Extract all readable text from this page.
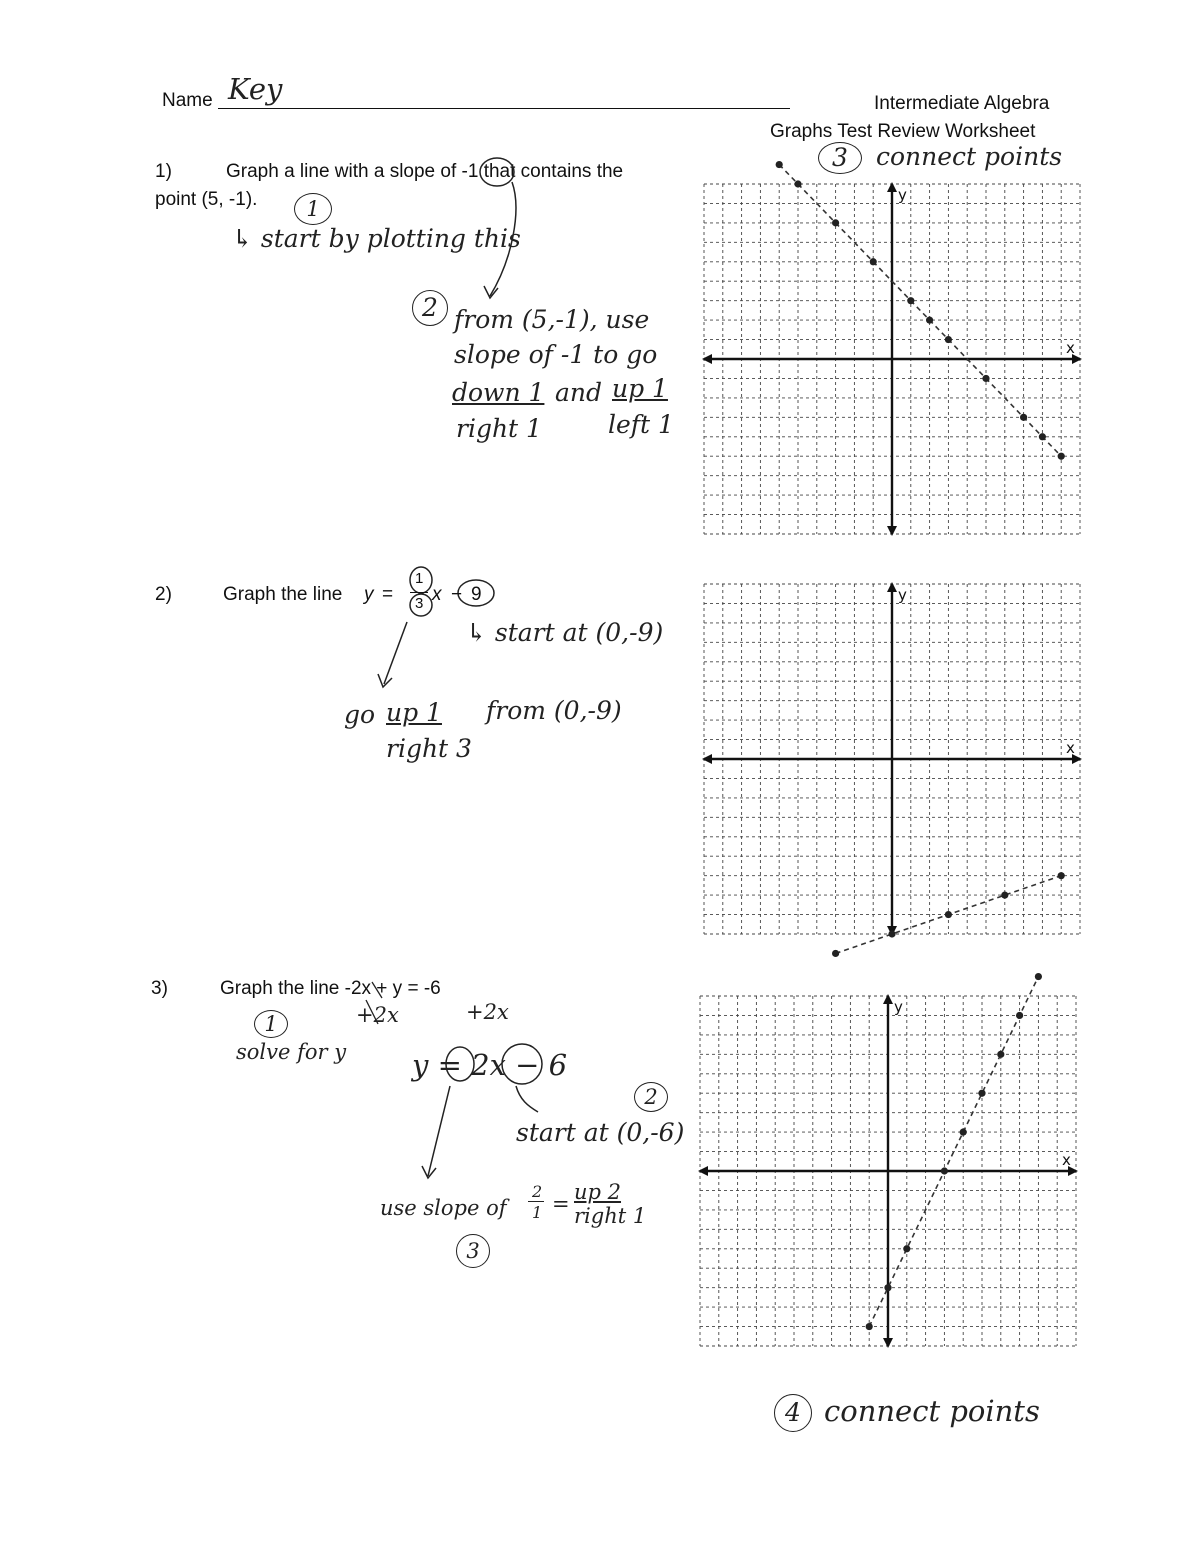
Name Key	Intermediate Algebra
Graphs Test Review Worksheet
1)	Graph a line with a slope of -1 that contains the
point (5, -1).	1
↳ start by plotting this
2 from (5,-1), use
slope of -1 to go
down 1 and up 1
right 1	left 1
3	connect points
x
y
2)	Graph the line y =
1
3 x − 9
↳ start at (0,-9)
go up 1 from (0,-9)
right 3	x
y
3)	Graph the line -2x + y = -6
+2x	+2x
1
solve for y y = 2x − 6
2
start at (0,-6)
use slope of
2
1 = up 2
right 1
3
4 connect points
x
y
